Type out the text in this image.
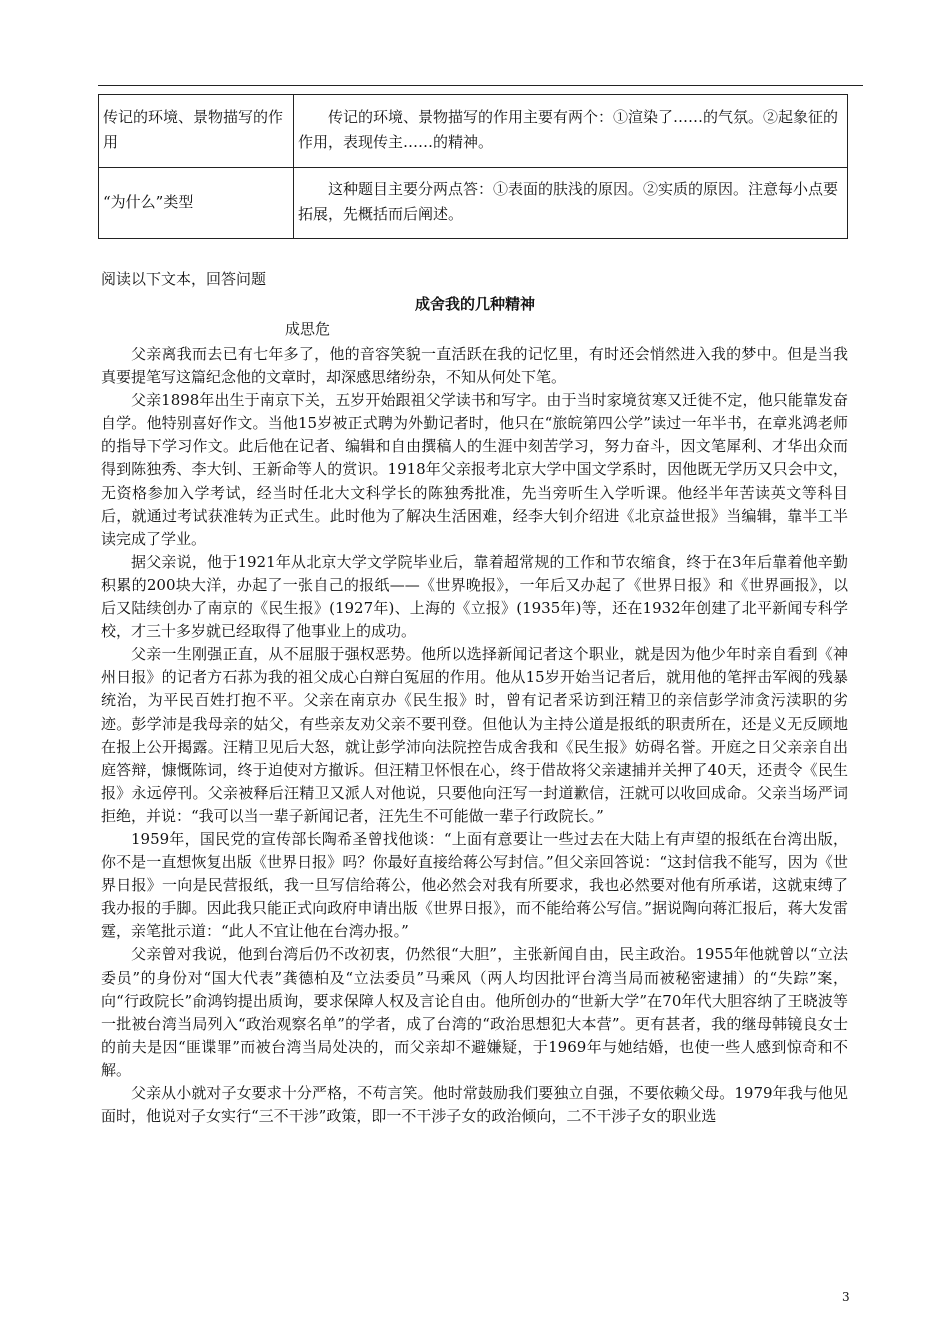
传记的环境、景物描写的作用	传记的环境、景物描写的作用主要有两个：①渲染了……的气氛。②起象征的作用，表现传主……的精神。
“为什么”类型	这种题目主要分两点答：①表面的肤浅的原因。②实质的原因。注意每小点要拓展，先概括而后阐述。
阅读以下文本，回答问题
成舍我的几种精神
成思危

父亲离我而去已有七年多了，他的音容笑貌一直活跃在我的记忆里，有时还会悄然进入我的梦中。但是当我真要提笔写这篇纪念他的文章时，却深感思绪纷杂，不知从何处下笔。

父亲1898年出生于南京下关，五岁开始跟祖父学读书和写字。由于当时家境贫寒又迁徙不定，他只能靠发奋自学。他特别喜好作文。当他15岁被正式聘为外勤记者时，他只在“旅皖第四公学”读过一年半书，在章兆鸿老师的指导下学习作文。此后他在记者、编辑和自由撰稿人的生涯中刻苦学习，努力奋斗，因文笔犀利、才华出众而得到陈独秀、李大钊、王新命等人的赏识。1918年父亲报考北京大学中国文学系时，因他既无学历又只会中文，无资格参加入学考试，经当时任北大文科学长的陈独秀批准，先当旁听生入学听课。他经半年苦读英文等科目后，就通过考试获准转为正式生。此时他为了解决生活困难，经李大钊介绍进《北京益世报》当编辑，靠半工半读完成了学业。

据父亲说，他于1921年从北京大学文学院毕业后，靠着超常规的工作和节农缩食，终于在3年后靠着他辛勤积累的200块大洋，办起了一张自己的报纸——《世界晚报》，一年后又办起了《世界日报》和《世界画报》，以后又陆续创办了南京的《民生报》(1927年)、上海的《立报》(1935年)等，还在1932年创建了北平新闻专科学校，才三十多岁就已经取得了他事业上的成功。

父亲一生刚强正直，从不屈服于强权恶势。他所以选择新闻记者这个职业，就是因为他少年时亲自看到《神州日报》的记者方石荪为我的祖父成心白辩白冤屈的作用。他从15岁开始当记者后，就用他的笔抨击军阀的残暴统治，为平民百姓打抱不平。父亲在南京办《民生报》时，曾有记者采访到汪精卫的亲信彭学沛贪污渎职的劣迹。彭学沛是我母亲的姑父，有些亲友劝父亲不要刊登。但他认为主持公道是报纸的职责所在，还是义无反顾地在报上公开揭露。汪精卫见后大怒，就让彭学沛向法院控告成舍我和《民生报》妨碍名誉。开庭之日父亲亲自出庭答辩，慷慨陈词，终于迫使对方撤诉。但汪精卫怀恨在心，终于借故将父亲逮捕并关押了40天，还责令《民生报》永远停刊。父亲被释后汪精卫又派人对他说，只要他向汪写一封道歉信，汪就可以收回成命。父亲当场严词拒绝，并说：“我可以当一辈子新闻记者，汪先生不可能做一辈子行政院长。”

1959年，国民党的宣传部长陶希圣曾找他谈：“上面有意要让一些过去在大陆上有声望的报纸在台湾出版，你不是一直想恢复出版《世界日报》吗？你最好直接给蒋公写封信。”但父亲回答说：“这封信我不能写，因为《世界日报》一向是民营报纸，我一旦写信给蒋公，他必然会对我有所要求，我也必然要对他有所承诺，这就束缚了我办报的手脚。因此我只能正式向政府申请出版《世界日报》，而不能给蒋公写信。”据说陶向蒋汇报后，蒋大发雷霆，亲笔批示道：“此人不宜让他在台湾办报。”

父亲曾对我说，他到台湾后仍不改初衷，仍然很“大胆”，主张新闻自由，民主政治。1955年他就曾以“立法委员”的身份对“国大代表”龚德柏及“立法委员”马乘风（两人均因批评台湾当局而被秘密逮捕）的“失踪”案，向“行政院长”俞鸿钧提出质询，要求保障人权及言论自由。他所创办的“世新大学”在70年代大胆容纳了王晓波等一批被台湾当局列入“政治观察名单”的学者，成了台湾的“政治思想犯大本营”。更有甚者，我的继母韩镜良女士的前夫是因“匪谍罪”而被台湾当局处决的，而父亲却不避嫌疑，于1969年与她结婚，也使一些人感到惊奇和不解。

父亲从小就对子女要求十分严格，不苟言笑。他时常鼓励我们要独立自强，不要依赖父母。1979年我与他见面时，他说对子女实行“三不干涉”政策，即一不干涉子女的政治倾向，二不干涉子女的职业选

3
